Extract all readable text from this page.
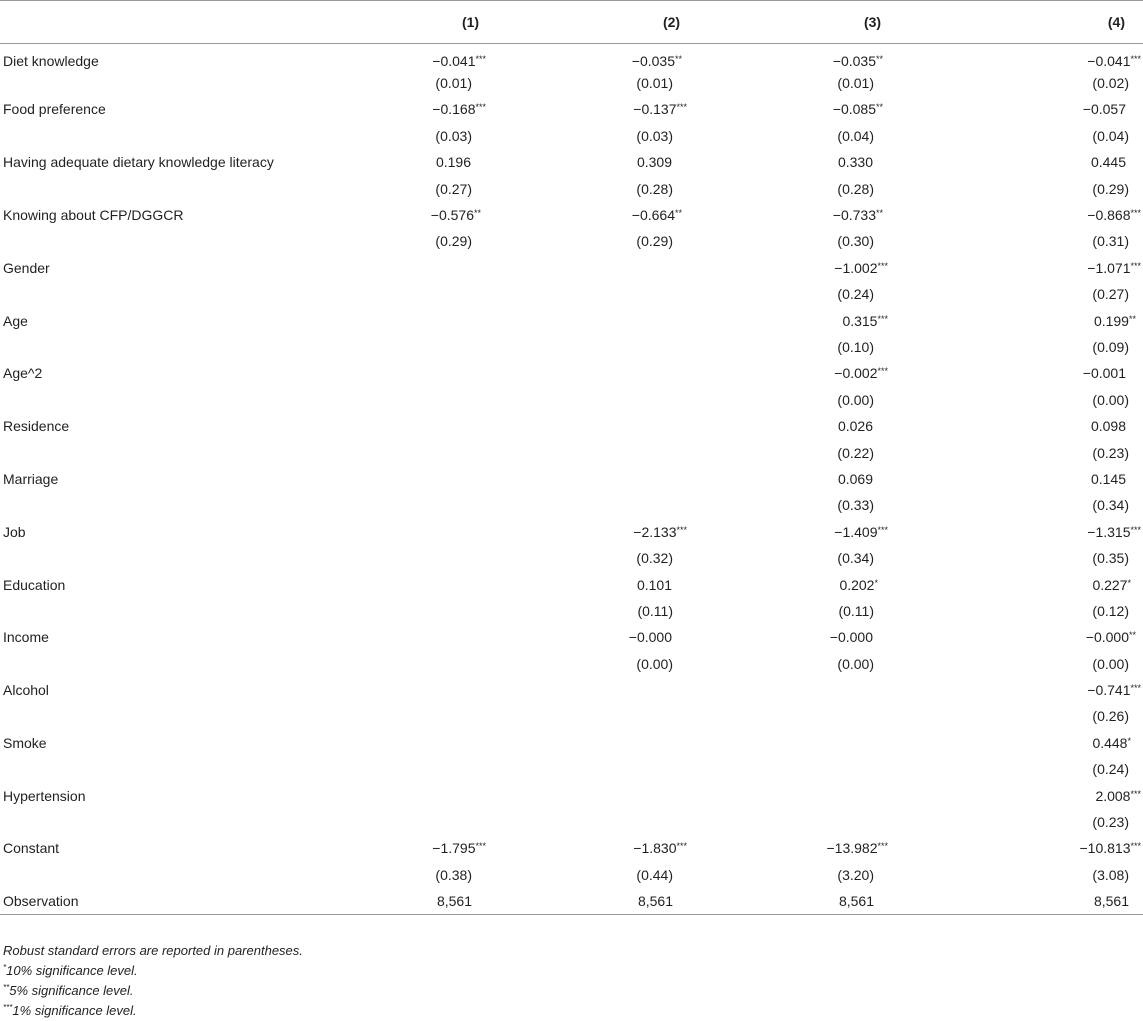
	(1)	(2)	(3)	(4)
Diet knowledge	−0.041***	−0.035**	−0.035**	−0.041***
	(0.01)	(0.01)	(0.01)	(0.02)
Food preference	−0.168***	−0.137***	−0.085**	−0.057
	(0.03)	(0.03)	(0.04)	(0.04)
Having adequate dietary knowledge literacy	0.196	0.309	0.330	0.445
	(0.27)	(0.28)	(0.28)	(0.29)
Knowing about CFP/DGGCR	−0.576**	−0.664**	−0.733**	−0.868***
	(0.29)	(0.29)	(0.30)	(0.31)
Gender			−1.002***	−1.071***
			(0.24)	(0.27)
Age			0.315***	0.199**
			(0.10)	(0.09)
Age^2			−0.002***	−0.001
			(0.00)	(0.00)
Residence			0.026	0.098
			(0.22)	(0.23)
Marriage			0.069	0.145
			(0.33)	(0.34)
Job		−2.133***	−1.409***	−1.315***
		(0.32)	(0.34)	(0.35)
Education		0.101	0.202*	0.227*
		(0.11)	(0.11)	(0.12)
Income		−0.000	−0.000	−0.000**
		(0.00)	(0.00)	(0.00)
Alcohol				−0.741***
				(0.26)
Smoke				0.448*
				(0.24)
Hypertension				2.008***
				(0.23)
Constant	−1.795***	−1.830***	−13.982***	−10.813***
	(0.38)	(0.44)	(3.20)	(3.08)
Observation	8,561	8,561	8,561	8,561
Robust standard errors are reported in parentheses.
*10% significance level.
**5% significance level.
***1% significance level.
